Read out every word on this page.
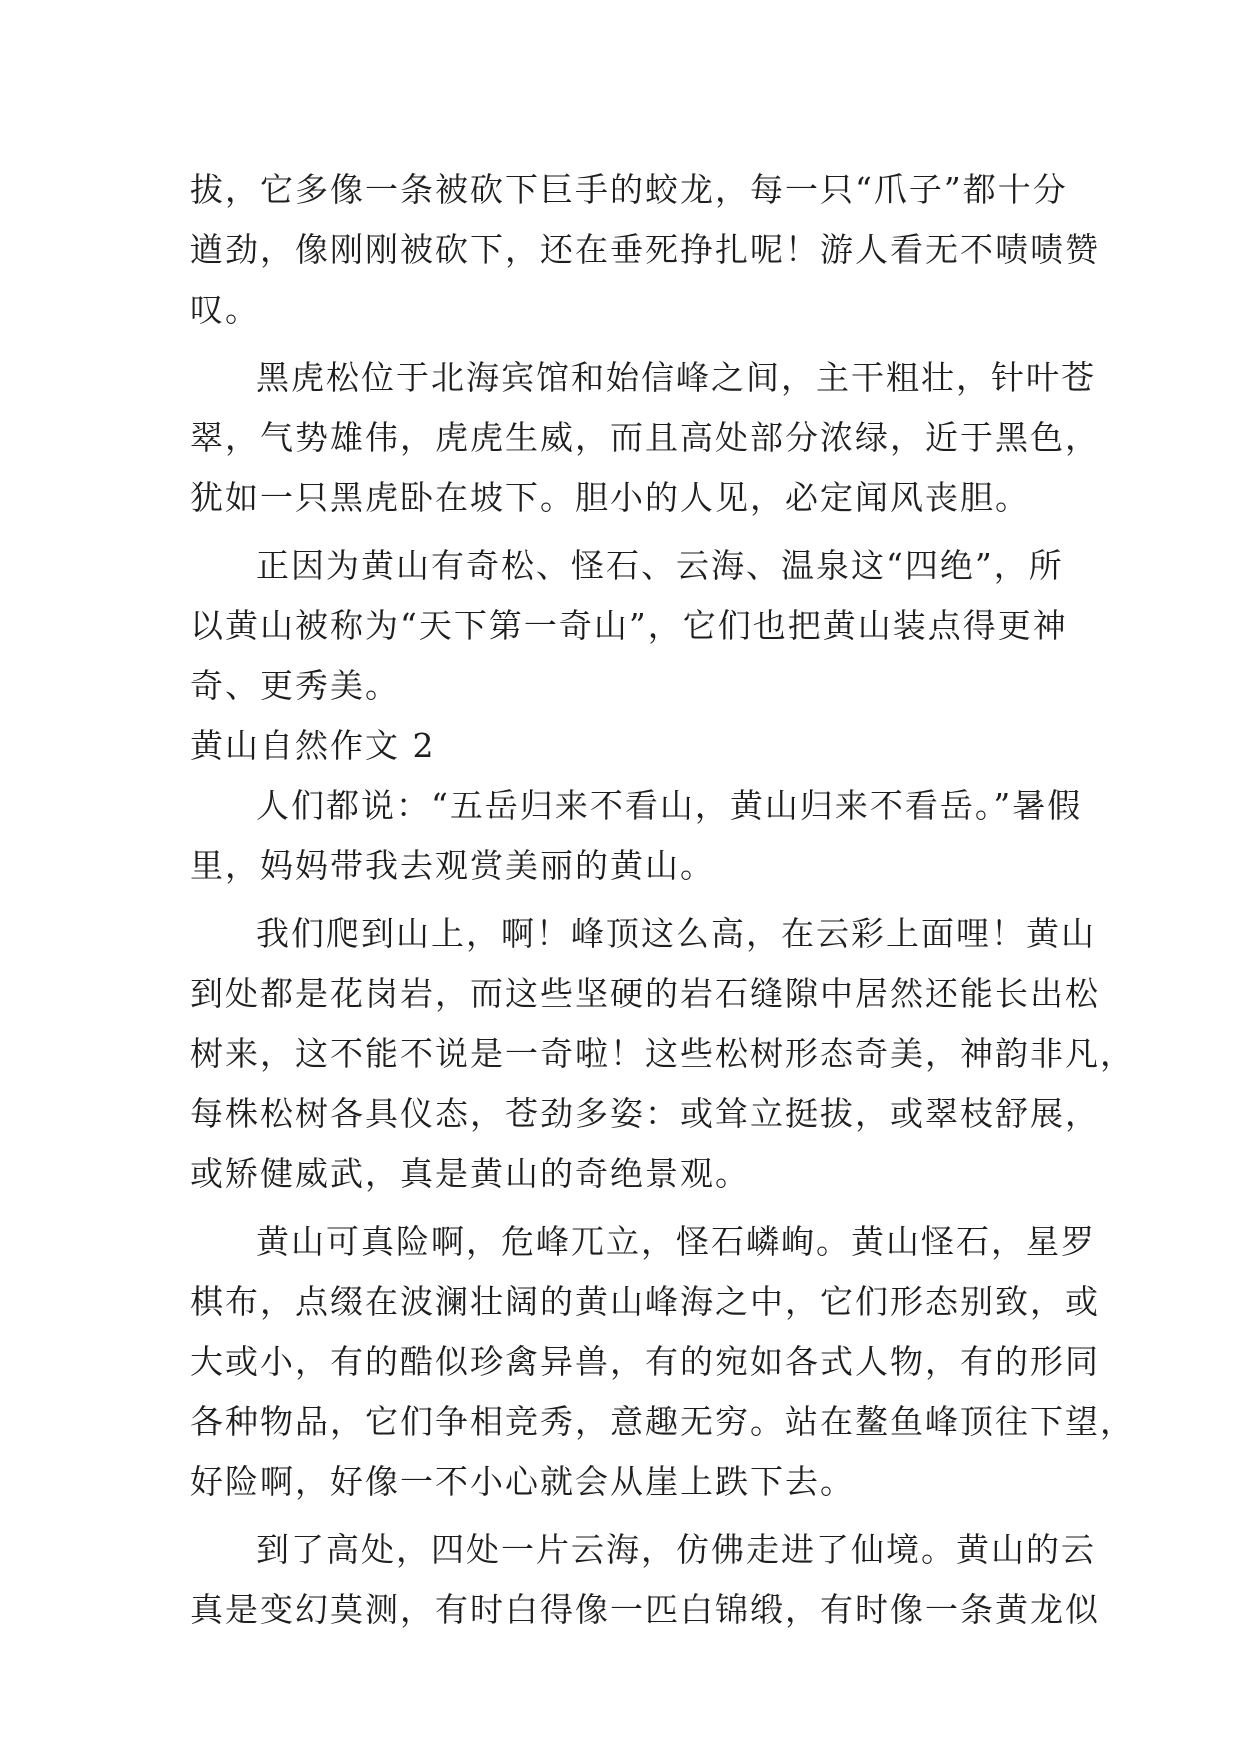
拔，它多像一条被砍下巨手的蛟龙，每一只“爪子”都十分

遒劲，像刚刚被砍下，还在垂死挣扎呢！游人看无不啧啧赞

叹。

黑虎松位于北海宾馆和始信峰之间，主干粗壮，针叶苍

翠，气势雄伟，虎虎生威，而且高处部分浓绿，近于黑色，

犹如一只黑虎卧在坡下。胆小的人见，必定闻风丧胆。

正因为黄山有奇松、怪石、云海、温泉这“四绝”，所

以黄山被称为“天下第一奇山”，它们也把黄山装点得更神

奇、更秀美。

黄山自然作文 2

人们都说：“五岳归来不看山，黄山归来不看岳。”暑假

里，妈妈带我去观赏美丽的黄山。

我们爬到山上，啊！峰顶这么高，在云彩上面哩！黄山

到处都是花岗岩，而这些坚硬的岩石缝隙中居然还能长出松

树来，这不能不说是一奇啦！这些松树形态奇美，神韵非凡，

每株松树各具仪态，苍劲多姿：或耸立挺拔，或翠枝舒展，

或矫健威武，真是黄山的奇绝景观。

黄山可真险啊，危峰兀立，怪石嶙峋。黄山怪石，星罗

棋布，点缀在波澜壮阔的黄山峰海之中，它们形态别致，或

大或小，有的酷似珍禽异兽，有的宛如各式人物，有的形同

各种物品，它们争相竞秀，意趣无穷。站在鳌鱼峰顶往下望，

好险啊，好像一不小心就会从崖上跌下去。

到了高处，四处一片云海，仿佛走进了仙境。黄山的云

真是变幻莫测，有时白得像一匹白锦缎，有时像一条黄龙似
